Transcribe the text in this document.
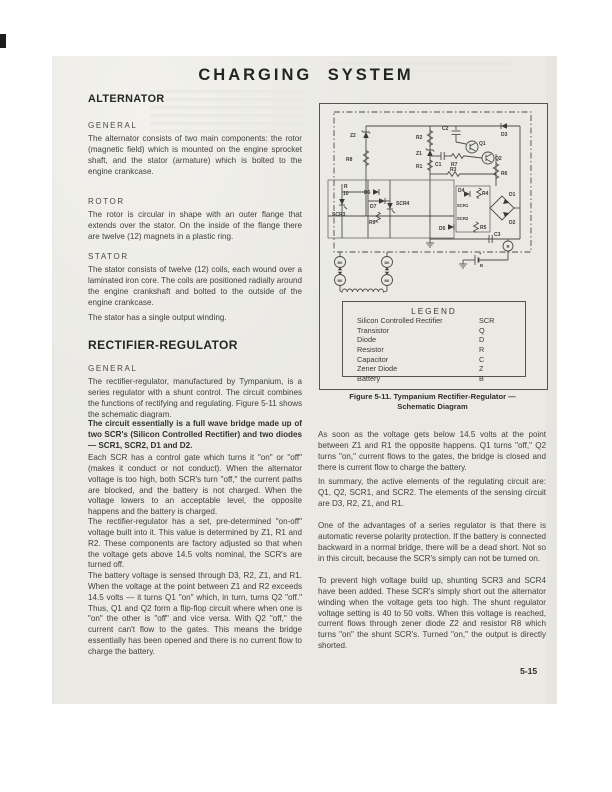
CHARGING SYSTEM
ALTERNATOR
GENERAL
The alternator consists of two main components: the rotor (magnetic field) which is mounted on the engine sprocket shaft, and the stator (armature) which is bolted to the engine crankcase.
ROTOR
The rotor is circular in shape with an outer flange that extends over the stator. On the inside of the flange there are twelve (12) magnets in a plastic ring.
STATOR
The stator consists of twelve (12) coils, each wound over a laminated iron core. The coils are positioned radially around the engine crankshaft and bolted to the outside of the engine crankcase.
The stator has a single output winding.
RECTIFIER-REGULATOR
GENERAL
The rectifier-regulator, manufactured by Tympanium, is a series regulator with a shunt control. The circuit combines the functions of rectifying and regulating. Figure 5-11 shows the schematic diagram.
The circuit essentially is a full wave bridge made up of two SCR's (Silicon Controlled Rectifier) and two diodes — SCR1, SCR2, D1 and D2.
Each SCR has a control gate which turns it "on" or "off" (makes it conduct or not conduct). When the alternator voltage is too high, both SCR's turn "off," the current paths are blocked, and the battery is not charged. When the voltage lowers to an acceptable level, the opposite happens and the battery is charged.
The rectifier-regulator has a set, pre-determined "on-off" voltage built into it. This value is determined by Z1, R1 and R2. These components are factory adjusted so that when the voltage gets above 14.5 volts nominal, the SCR's are turned off.
The battery voltage is sensed through D3, R2, Z1, and R1. When the voltage at the point between Z1 and R2 exceeds 14.5 volts — it turns Q1 "on" which, in turn, turns Q2 "off." Thus, Q1 and Q2 form a flip-flop circuit where when one is "on" the other is "off" and vice versa. With Q2 "off," the current can't flow to the gates. This means the bridge essentially has been opened and there is no current flow to charge the battery.
D3
Z2
R8
R2
Z1
R1
C2
Q1
Q2
C1 R7
R3
R6
R
10	D6
D7
SCR3
SCR4
R9
D4	R4
SCR1
SCR2
D5	R5
D1
D2
C3
BK	BK
BK	BK
+
B
R
LEGEND
Silicon Controlled Rectifier	SCR
Transistor	Q
Diode	D
Resistor	R
Capacitor	C
Zener Diode	Z
Battery	B
Figure 5-11. Tympanium Rectifier-Regulator —
Schematic Diagram
As soon as the voltage gets below 14.5 volts at the point between Z1 and R1 the opposite happens. Q1 turns "off," Q2 turns "on," current flows to the gates, the bridge is closed and there is current flow to charge the battery.
In summary, the active elements of the regulating circuit are: Q1, Q2, SCR1, and SCR2. The elements of the sensing circuit are D3, R2, Z1, and R1.
One of the advantages of a series regulator is that there is automatic reverse polarity protection. If the battery is connected backward in a normal bridge, there will be a dead short. Not so in this circuit, because the SCR's simply can not be turned on.
To prevent high voltage build up, shunting SCR3 and SCR4 have been added. These SCR's simply short out the alternator winding when the voltage gets too high. The shunt regulator voltage setting is 40 to 50 volts. When this voltage is reached, current flows through zener diode Z2 and resistor R8 which turns "on" the shunt SCR's. Turned "on," the output is directly shorted.
5-15
